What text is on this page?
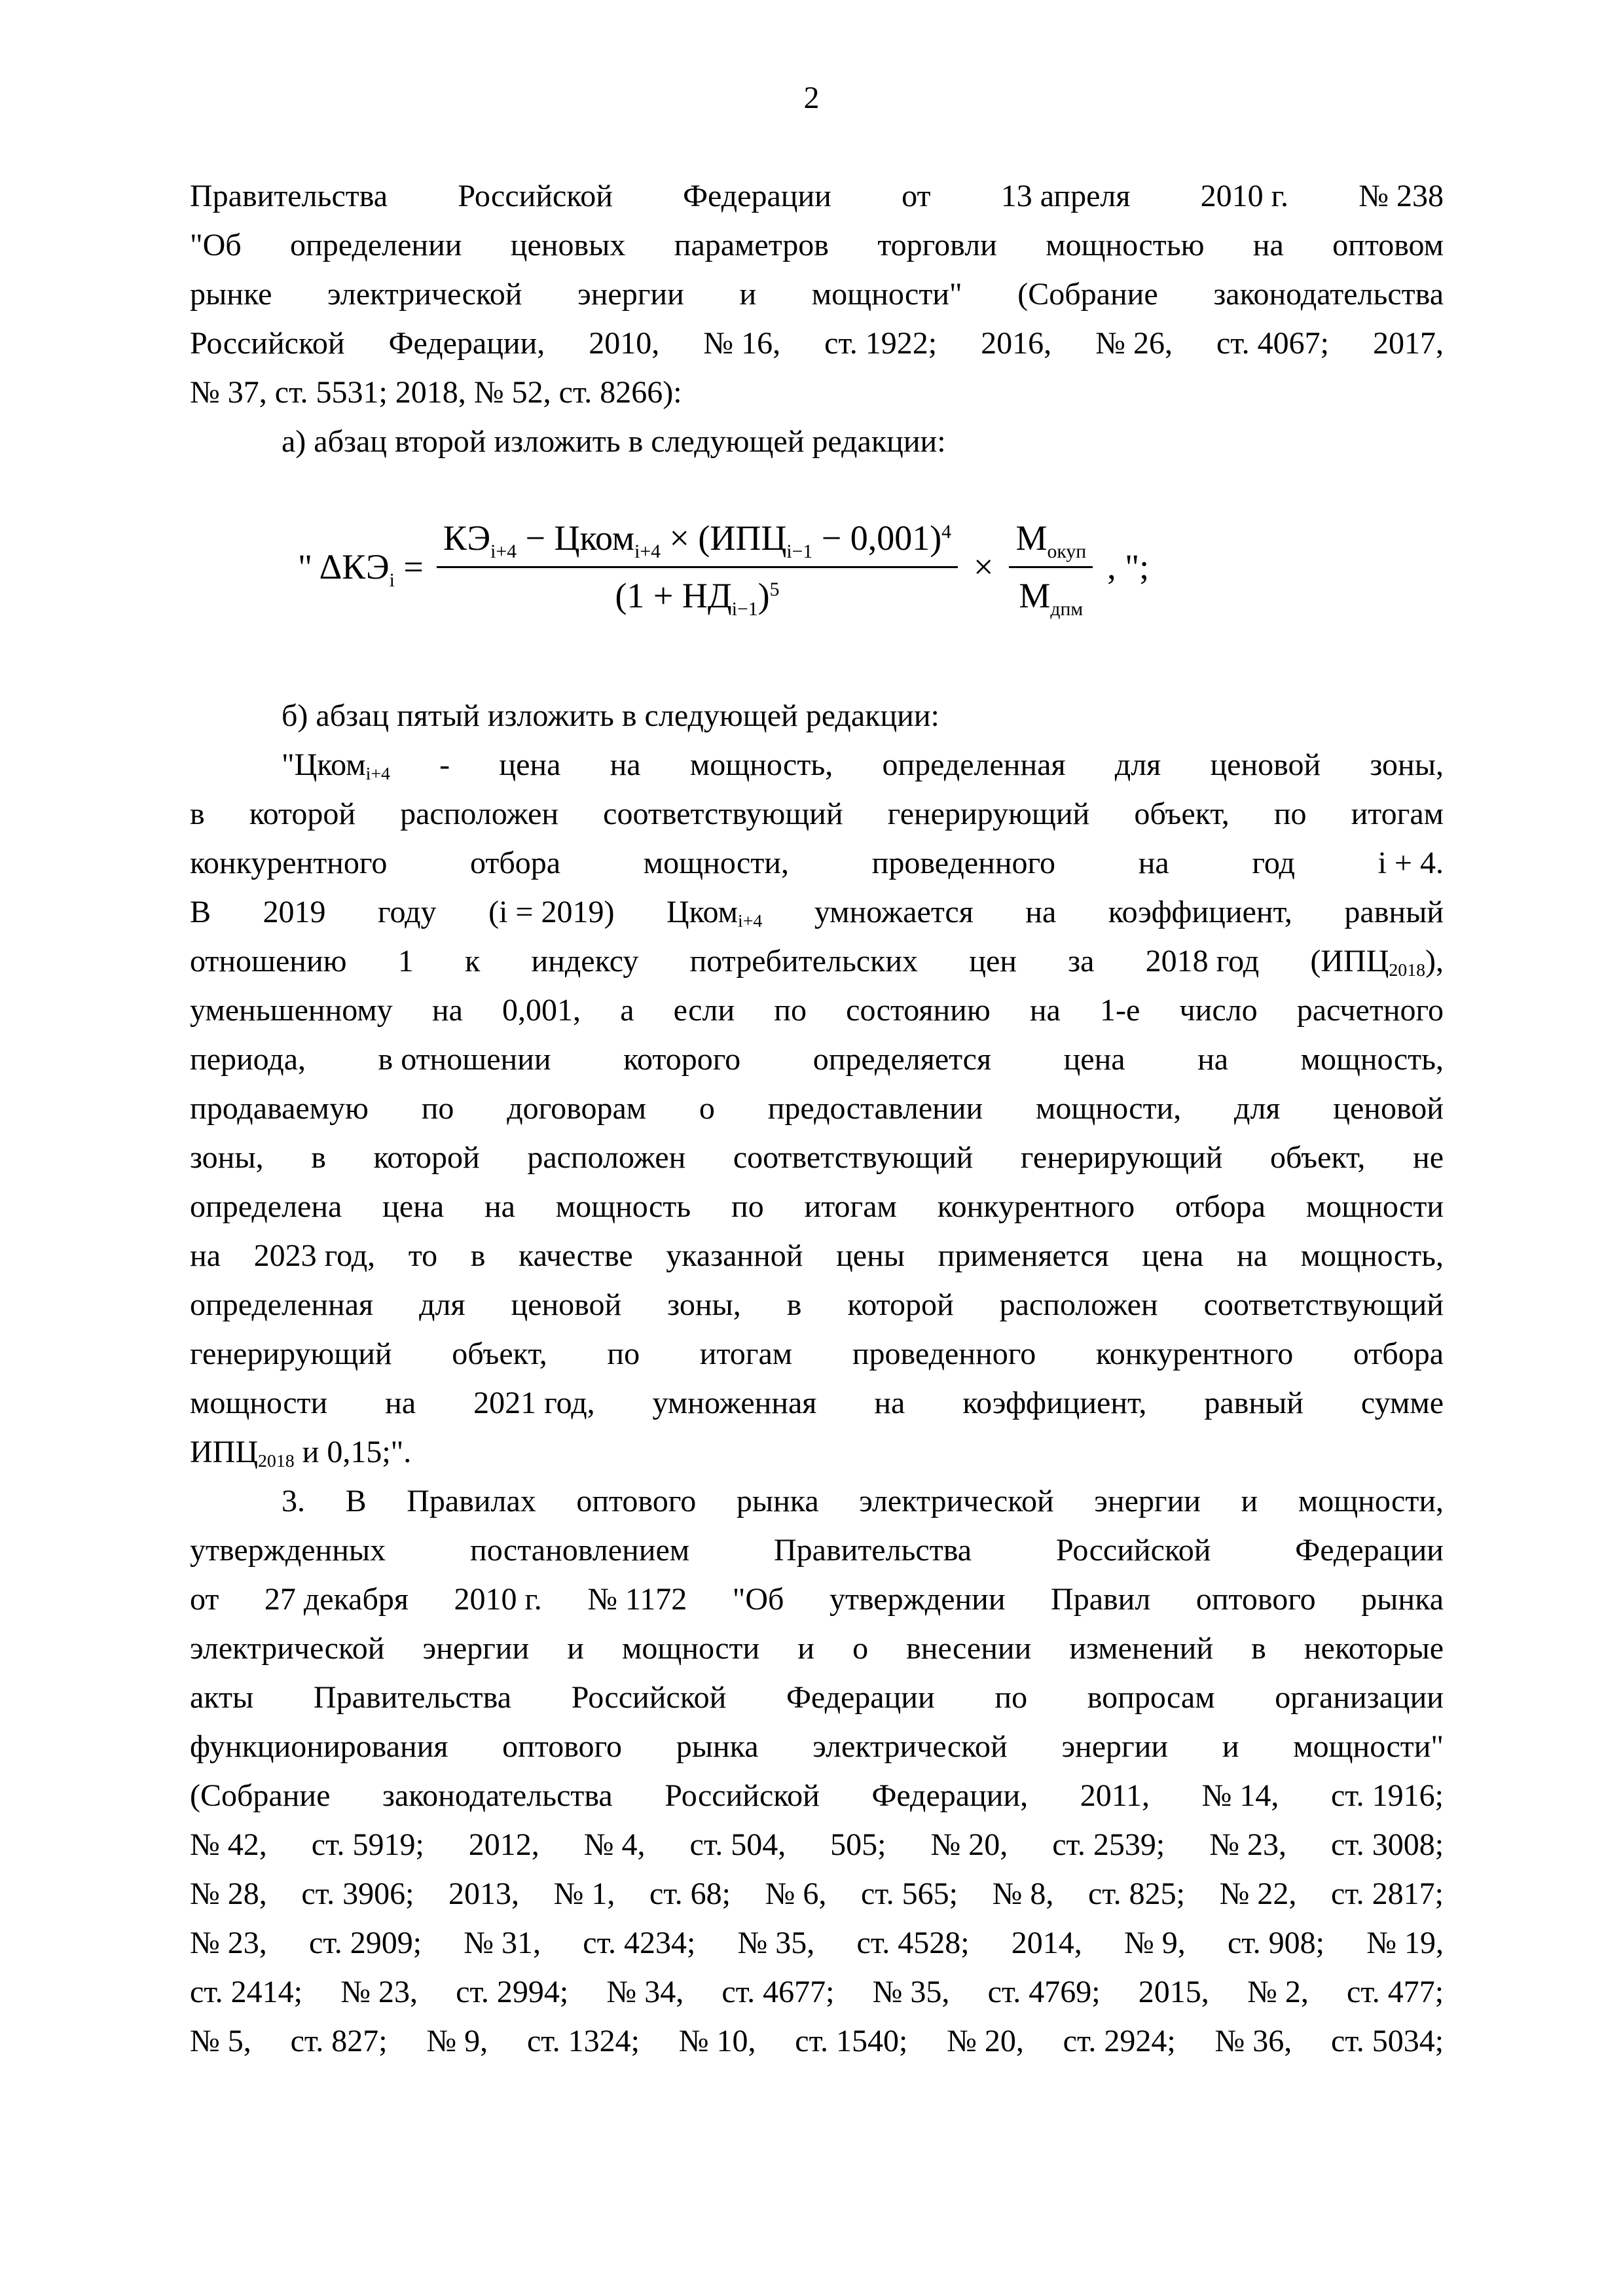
2
Правительства Российской Федерации от 13 апреля 2010 г. № 238
"Об определении ценовых параметров торговли мощностью на оптовом
рынке электрической энергии и мощности" (Собрание законодательства
Российской Федерации, 2010, № 16, ст. 1922; 2016, № 26, ст. 4067; 2017,
№ 37, ст. 5531; 2018, № 52, ст. 8266):
а) абзац второй изложить в следующей редакции:
" $\Delta КЭ_i = \frac{КЭ_{i+4} - Цком_{i+4} \times (ИПЦ_{i-1} - 0,001)^4}{(1 + НД_{i-1})^5} \times \frac{М_{окуп}}{М_{дпм}}$ , ";
б) абзац пятый изложить в следующей редакции:
"Цком$_{i+4}$ - цена на мощность, определенная для ценовой зоны,
в которой расположен соответствующий генерирующий объект, по итогам
конкурентного отбора мощности, проведенного на год i + 4.
В 2019 году (i = 2019) Цком$_{i+4}$ умножается на коэффициент, равный
отношению 1 к индексу потребительских цен за 2018 год $(ИПЦ_{2018})$,
уменьшенному на 0,001, а если по состоянию на 1-е число расчетного
периода, в отношении которого определяется цена на мощность,
продаваемую по договорам о предоставлении мощности, для ценовой
зоны, в которой расположен соответствующий генерирующий объект, не
определена цена на мощность по итогам конкурентного отбора мощности
на 2023 год, то в качестве указанной цены применяется цена на мощность,
определенная для ценовой зоны, в которой расположен соответствующий
генерирующий объект, по итогам проведенного конкурентного отбора
мощности на 2021 год, умноженная на коэффициент, равный сумме
$ИПЦ_{2018}$ и 0,15;".
3. В Правилах оптового рынка электрической энергии и мощности,
утвержденных постановлением Правительства Российской Федерации
от 27 декабря 2010 г. № 1172 "Об утверждении Правил оптового рынка
электрической энергии и мощности и о внесении изменений в некоторые
акты Правительства Российской Федерации по вопросам организации
функционирования оптового рынка электрической энергии и мощности"
(Собрание законодательства Российской Федерации, 2011, № 14, ст. 1916;
№ 42, ст. 5919; 2012, № 4, ст. 504, 505; № 20, ст. 2539; № 23, ст. 3008;
№ 28, ст. 3906; 2013, № 1, ст. 68; № 6, ст. 565; № 8, ст. 825; № 22, ст. 2817;
№ 23, ст. 2909; № 31, ст. 4234; № 35, ст. 4528; 2014, № 9, ст. 908; № 19,
ст. 2414; № 23, ст. 2994; № 34, ст. 4677; № 35, ст. 4769; 2015, № 2, ст. 477;
№ 5, ст. 827; № 9, ст. 1324; № 10, ст. 1540; № 20, ст. 2924; № 36, ст. 5034;
